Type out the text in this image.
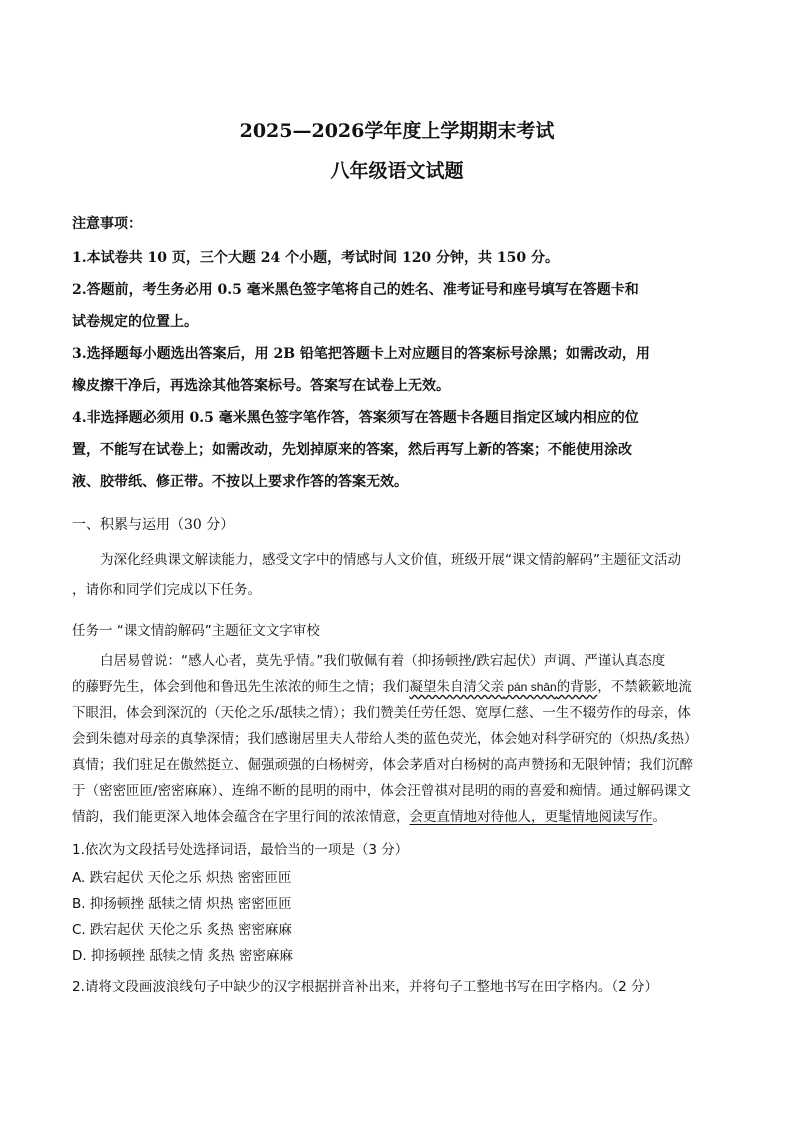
2025—2026学年度上学期期末考试
八年级语文试题
注意事项：
1.本试卷共 10 页，三个大题 24 个小题，考试时间 120 分钟，共 150 分。
2.答题前，考生务必用 0.5 毫米黑色签字笔将自己的姓名、准考证号和座号填写在答题卡和
试卷规定的位置上。
3.选择题每小题选出答案后，用 2B 铅笔把答题卡上对应题目的答案标号涂黑；如需改动，用
橡皮擦干净后，再选涂其他答案标号。答案写在试卷上无效。
4.非选择题必须用 0.5 毫米黑色签字笔作答，答案须写在答题卡各题目指定区域内相应的位
置，不能写在试卷上；如需改动，先划掉原来的答案，然后再写上新的答案；不能使用涂改
液、胶带纸、修正带。不按以上要求作答的答案无效。
一、积累与运用（30 分）
为深化经典课文解读能力，感受文字中的情感与人文价值，班级开展“课文情韵解码”主题征文活动
，请你和同学们完成以下任务。
任务一 “课文情韵解码”主题征文文字审校
白居易曾说：“感人心者，莫先乎情。”我们敬佩有着（抑扬顿挫/跌宕起伏）声调、严谨认真态度
的藤野先生，体会到他和鲁迅先生浓浓的师生之情；我们凝望朱自清父亲 pán shān的背影，不禁簌簌地流
下眼泪，体会到深沉的（天伦之乐/舐犊之情）；我们赞美任劳任怨、宽厚仁慈、一生不辍劳作的母亲，体
会到朱德对母亲的真挚深情；我们感谢居里夫人带给人类的蓝色荧光，体会她对科学研究的（炽热/炙热）
真情；我们驻足在傲然挺立、倔强顽强的白杨树旁，体会茅盾对白杨树的高声赞扬和无限钟情；我们沉醉
于（密密匝匝/密密麻麻）、连绵不断的昆明的雨中，体会汪曾祺对昆明的雨的喜爱和痴情。通过解码课文
情韵，我们能更深入地体会蕴含在字里行间的浓浓情意，会更直情地对待他人，更髦情地阅读写作。
1.依次为文段括号处选择词语，最恰当的一项是（3 分）
A. 跌宕起伏 天伦之乐 炽热 密密匝匝
B. 抑扬顿挫 舐犊之情 炽热 密密匝匝
C. 跌宕起伏 天伦之乐 炙热 密密麻麻
D. 抑扬顿挫 舐犊之情 炙热 密密麻麻
2.请将文段画波浪线句子中缺少的汉字根据拼音补出来，并将句子工整地书写在田字格内。（2 分）
